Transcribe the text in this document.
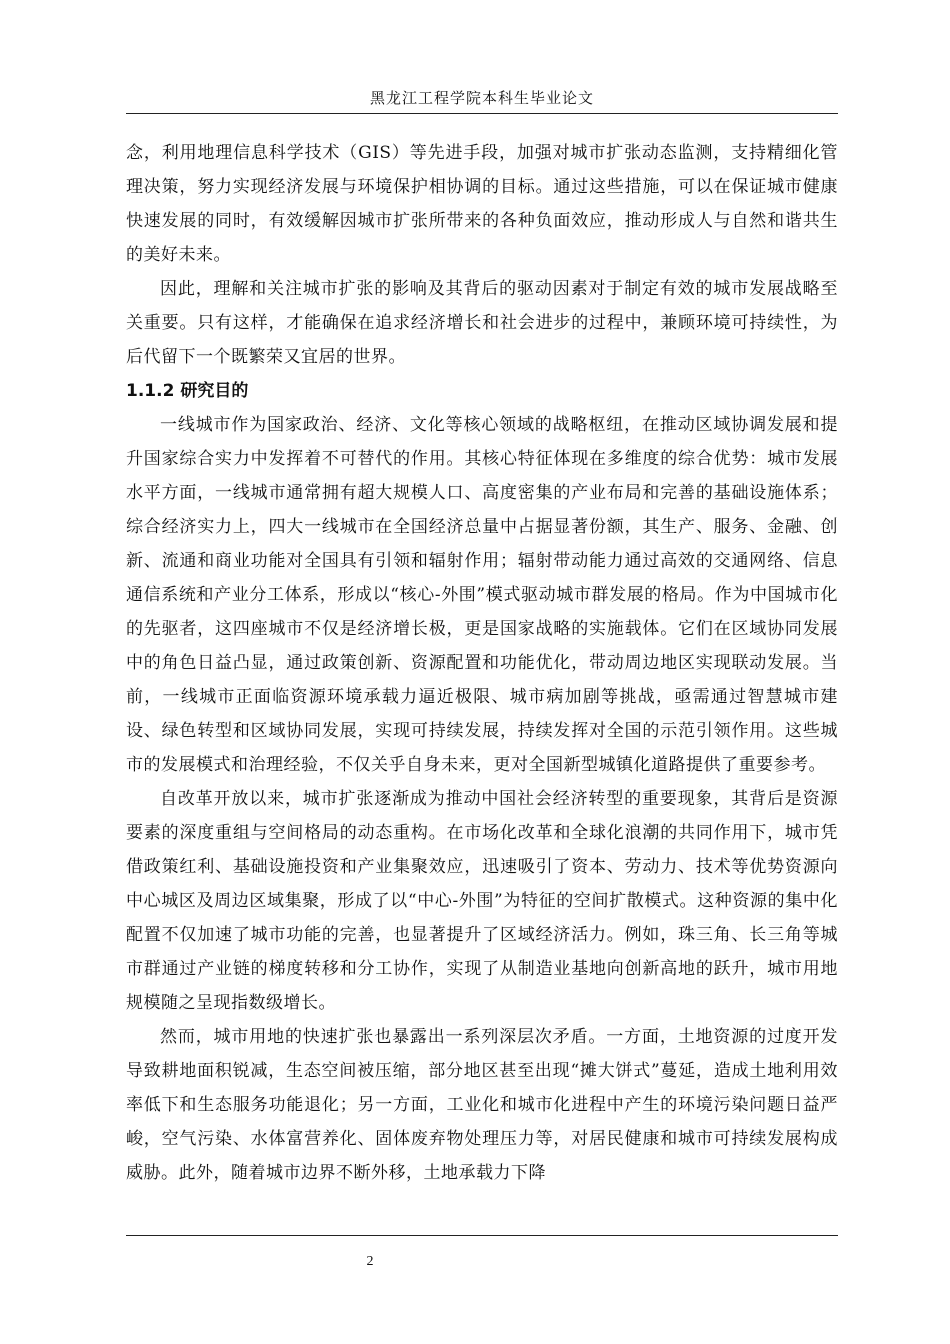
黑龙江工程学院本科生毕业论文

念，利用地理信息科学技术（GIS）等先进手段，加强对城市扩张动态监测，支持精细化管理决策，努力实现经济发展与环境保护相协调的目标。通过这些措施，可以在保证城市健康快速发展的同时，有效缓解因城市扩张所带来的各种负面效应，推动形成人与自然和谐共生的美好未来。

因此，理解和关注城市扩张的影响及其背后的驱动因素对于制定有效的城市发展战略至关重要。只有这样，才能确保在追求经济增长和社会进步的过程中，兼顾环境可持续性，为后代留下一个既繁荣又宜居的世界。

1.1.2 研究目的

一线城市作为国家政治、经济、文化等核心领域的战略枢纽，在推动区域协调发展和提升国家综合实力中发挥着不可替代的作用。其核心特征体现在多维度的综合优势：城市发展水平方面，一线城市通常拥有超大规模人口、高度密集的产业布局和完善的基础设施体系；综合经济实力上，四大一线城市在全国经济总量中占据显著份额，其生产、服务、金融、创新、流通和商业功能对全国具有引领和辐射作用；辐射带动能力通过高效的交通网络、信息通信系统和产业分工体系，形成以“核心-外围”模式驱动城市群发展的格局。作为中国城市化的先驱者，这四座城市不仅是经济增长极，更是国家战略的实施载体。它们在区域协同发展中的角色日益凸显，通过政策创新、资源配置和功能优化，带动周边地区实现联动发展。当前，一线城市正面临资源环境承载力逼近极限、城市病加剧等挑战，亟需通过智慧城市建设、绿色转型和区域协同发展，实现可持续发展，持续发挥对全国的示范引领作用。这些城市的发展模式和治理经验，不仅关乎自身未来，更对全国新型城镇化道路提供了重要参考。

自改革开放以来，城市扩张逐渐成为推动中国社会经济转型的重要现象，其背后是资源要素的深度重组与空间格局的动态重构。在市场化改革和全球化浪潮的共同作用下，城市凭借政策红利、基础设施投资和产业集聚效应，迅速吸引了资本、劳动力、技术等优势资源向中心城区及周边区域集聚，形成了以“中心-外围”为特征的空间扩散模式。这种资源的集中化配置不仅加速了城市功能的完善，也显著提升了区域经济活力。例如，珠三角、长三角等城市群通过产业链的梯度转移和分工协作，实现了从制造业基地向创新高地的跃升，城市用地规模随之呈现指数级增长。

然而，城市用地的快速扩张也暴露出一系列深层次矛盾。一方面，土地资源的过度开发导致耕地面积锐减，生态空间被压缩，部分地区甚至出现“摊大饼式”蔓延，造成土地利用效率低下和生态服务功能退化；另一方面，工业化和城市化进程中产生的环境污染问题日益严峻，空气污染、水体富营养化、固体废弃物处理压力等，对居民健康和城市可持续发展构成威胁。此外，随着城市边界不断外移，土地承载力下降

2
